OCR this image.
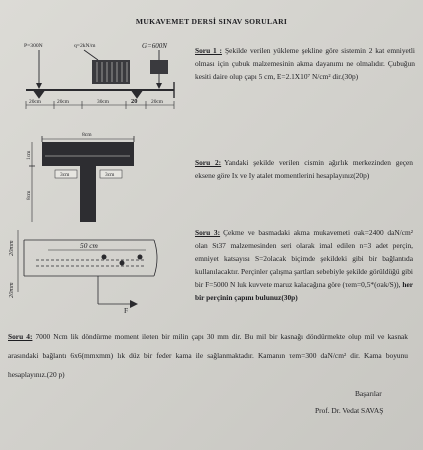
MUKAVEMET DERSİ SINAV SORULARI
P=300N	q=2kN/m	G=600N
20cm	20cm	30cm	20	20cm
8cm
1cm
8cm
3cm	3cm
20mm
20mm
50 cm
F
Soru 1 : Şekilde verilen yükleme şekline göre sistemin 2 kat emniyetli olması için çubuk malzemesinin akma dayanımı ne olmalıdır. Çubuğun kesiti daire olup çapı 5 cm, E=2.1X10⁷ N/cm² dir.(30p)
Soru 2: Yandaki şekilde verilen cismin ağırlık merkezinden geçen eksene göre Ix ve Iy atalet momentlerini hesaplayınız(20p)
Soru 3: Çekme ve basmadaki akma mukavemeti σak=2400 daN/cm² olan St37 malzemesinden seri olarak imal edilen n=3 adet perçin, emniyet katsayısı S=2olacak biçimde şekildeki gibi bir bağlantıda kullanılacaktır. Perçinler çalışma şartları sebebiyle şekilde görüldüğü gibi bir F=5000 N luk kuvvete maruz kalacağına göre (τem=0,5*(σak/S)), her bir perçinin çapını bulunuz(30p)
Soru 4: 7000 Ncm lik döndürme moment ileten bir milin çapı 30 mm dir. Bu mil bir kasnağı döndürmekte olup mil ve kasnak arasındaki bağlantı 6x6(mmxmm) lık düz bir feder kama ile sağlanmaktadır. Kamanın τem=300 daN/cm² dir. Kama boyunu hesaplayınız.(20 p)
Başarılar
Prof. Dr. Vedat SAVAŞ
